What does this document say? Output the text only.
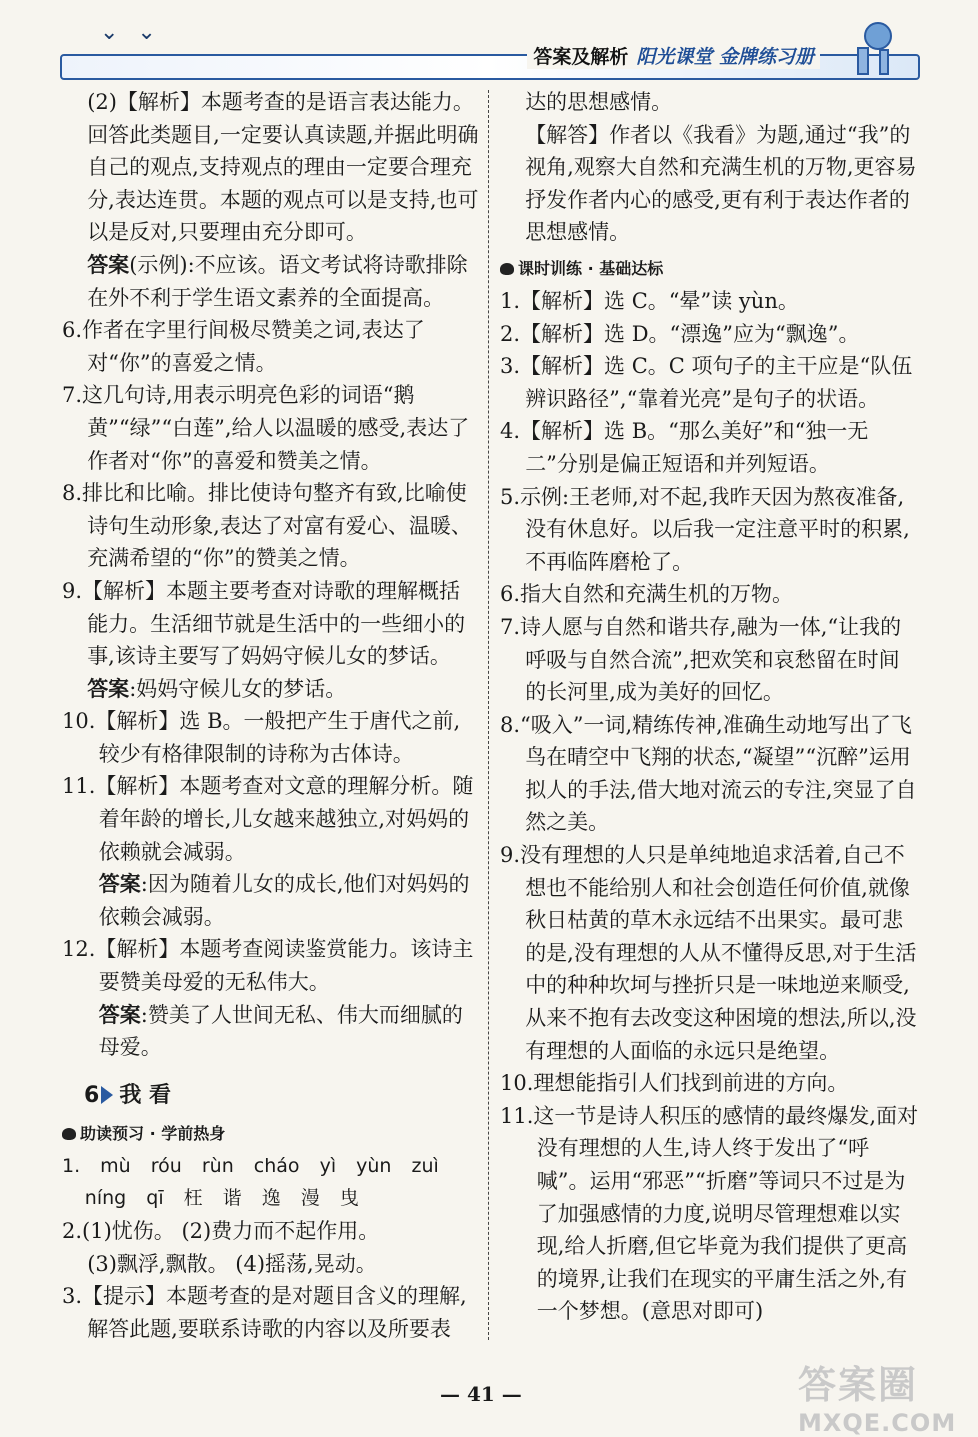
⌄ ⌄
答案及解析 阳光课堂 金牌练习册

(2)【解析】本题考查的是语言表达能力。回答此类题目,一定要认真读题,并据此明确自己的观点,支持观点的理由一定要合理充分,表达连贯。本题的观点可以是支持,也可以是反对,只要理由充分即可。

答案(示例):不应该。语文考试将诗歌排除在外不利于学生语文素养的全面提高。

6.作者在字里行间极尽赞美之词,表达了对“你”的喜爱之情。

7.这几句诗,用表示明亮色彩的词语“鹅黄”“绿”“白莲”,给人以温暖的感受,表达了作者对“你”的喜爱和赞美之情。

8.排比和比喻。排比使诗句整齐有致,比喻使诗句生动形象,表达了对富有爱心、温暖、充满希望的“你”的赞美之情。

9.【解析】本题主要考查对诗歌的理解概括能力。生活细节就是生活中的一些细小的事,该诗主要写了妈妈守候儿女的梦话。

答案:妈妈守候儿女的梦话。

10.【解析】选 B。一般把产生于唐代之前,较少有格律限制的诗称为古体诗。

11.【解析】本题考查对文意的理解分析。随着年龄的增长,儿女越来越独立,对妈妈的依赖就会减弱。

答案:因为随着儿女的成长,他们对妈妈的依赖会减弱。

12.【解析】本题考查阅读鉴赏能力。该诗主要赞美母爱的无私伟大。

答案:赞美了人世间无私、伟大而细腻的母爱。

6 我 看
助读预习 · 学前热身

1. mù róu rùn cháo yì yùn zuì

níng qī 枉 谐 逸 漫 曳

2.(1)忧伤。 (2)费力而不起作用。

(3)飘浮,飘散。 (4)摇荡,晃动。

3.【提示】本题考查的是对题目含义的理解,解答此题,要联系诗歌的内容以及所要表

达的思想感情。

【解答】作者以《我看》为题,通过“我”的视角,观察大自然和充满生机的万物,更容易抒发作者内心的感受,更有利于表达作者的思想感情。

课时训练 · 基础达标

1.【解析】选 C。“晕”读 yùn。

2.【解析】选 D。“漂逸”应为“飘逸”。

3.【解析】选 C。C 项句子的主干应是“队伍辨识路径”,“靠着光亮”是句子的状语。

4.【解析】选 B。“那么美好”和“独一无二”分别是偏正短语和并列短语。

5.示例:王老师,对不起,我昨天因为熬夜准备,没有休息好。以后我一定注意平时的积累,不再临阵磨枪了。

6.指大自然和充满生机的万物。

7.诗人愿与自然和谐共存,融为一体,“让我的呼吸与自然合流”,把欢笑和哀愁留在时间的长河里,成为美好的回忆。

8.“吸入”一词,精练传神,准确生动地写出了飞鸟在晴空中飞翔的状态,“凝望”“沉醉”运用拟人的手法,借大地对流云的专注,突显了自然之美。

9.没有理想的人只是单纯地追求活着,自己不想也不能给别人和社会创造任何价值,就像秋日枯黄的草木永远结不出果实。最可悲的是,没有理想的人从不懂得反思,对于生活中的种种坎坷与挫折只是一味地逆来顺受,从来不抱有去改变这种困境的想法,所以,没有理想的人面临的永远只是绝望。

10.理想能指引人们找到前进的方向。

11.这一节是诗人积压的感情的最终爆发,面对没有理想的人生,诗人终于发出了“呼喊”。运用“邪恶”“折磨”等词只不过是为了加强感情的力度,说明尽管理想难以实现,给人折磨,但它毕竟为我们提供了更高的境界,让我们在现实的平庸生活之外,有一个梦想。(意思对即可)

— 41 —	答案圈
MXQE.COM
